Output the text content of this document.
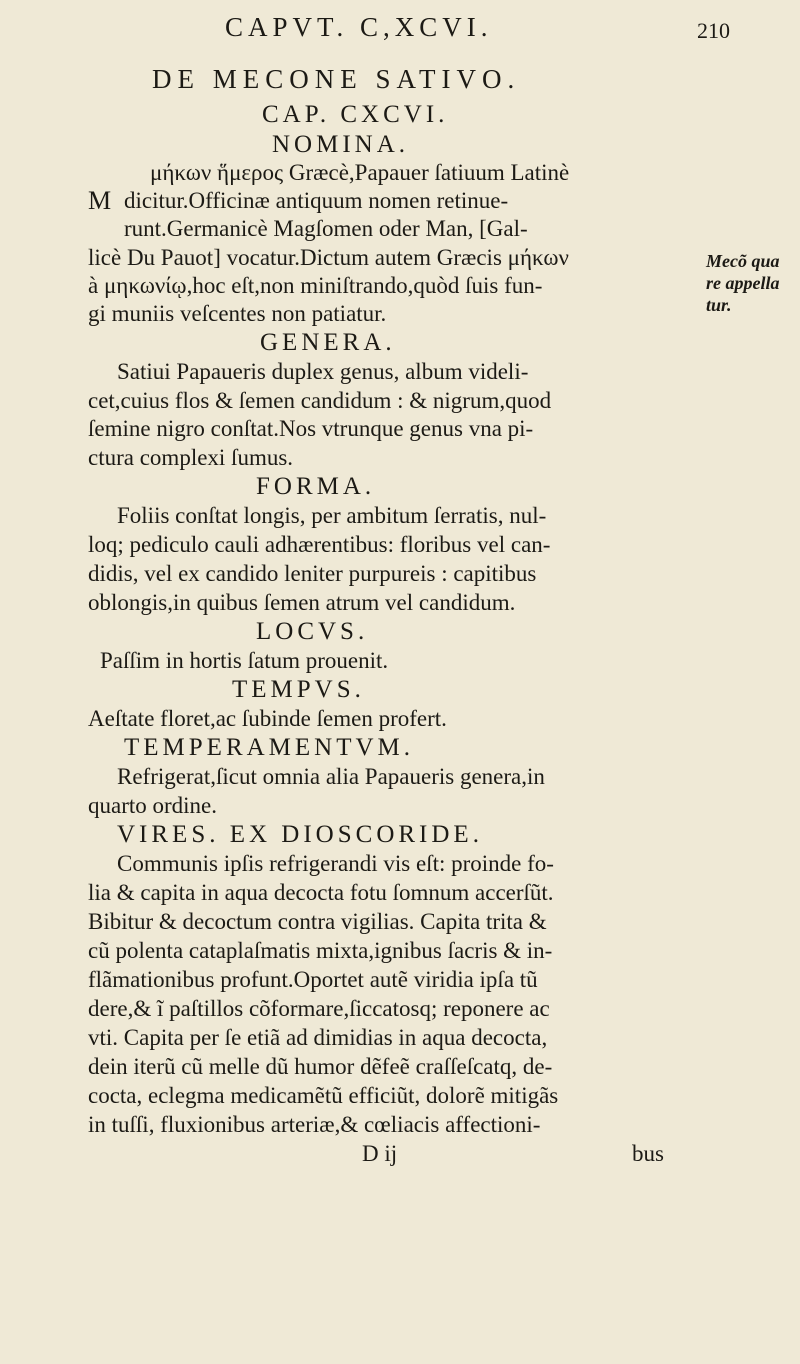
CAPVT. C,XCVI.	210
DE MECONE SATIVO.
CAP. CXCVI.
NOMINA.
M
μήκων ἥμερος Græcè,Papauer ſatiuum Latinè
dicitur.Officinæ antiquum nomen retinue-
runt.Germanicè Magſomen oder Man, [Gal-
licè Du Pauot] vocatur.Dictum autem Græcis μήκων
à μηκωνίῳ,hoc eſt,non miniſtrando,quòd ſuis fun-
gi muniis veſcentes non patiatur.
Mecõ qua
re appella
tur.
GENERA.
Satiui Papaueris duplex genus, album videli-
cet,cuius flos & ſemen candidum : & nigrum,quod
ſemine nigro conſtat.Nos vtrunque genus vna pi-
ctura complexi ſumus.
FORMA.
Foliis conſtat longis, per ambitum ſerratis, nul-
loq; pediculo cauli adhærentibus: floribus vel can-
didis, vel ex candido leniter purpureis : capitibus
oblongis,in quibus ſemen atrum vel candidum.
LOCVS.
Paſſim in hortis ſatum prouenit.
TEMPVS.
Aeſtate floret,ac ſubinde ſemen profert.
TEMPERAMENTVM.
Refrigerat,ſicut omnia alia Papaueris genera,in
quarto ordine.
VIRES. EX DIOSCORIDE.
Communis ipſis refrigerandi vis eſt: proinde fo-
lia & capita in aqua decocta fotu ſomnum accerſũt.
Bibitur & decoctum contra vigilias. Capita trita &
cũ polenta cataplaſmatis mixta,ignibus ſacris & in-
flãmationibus profunt.Oportet autẽ viridia ipſa tũ
dere,& ĩ paſtillos cõformare,ſiccatosq; reponere ac
vti. Capita per ſe etiã ad dimidias in aqua decocta,
dein iterũ cũ melle dũ humor dẽfeẽ craſſeſcatq, de-
cocta, eclegma medicamẽtũ efficiũt, dolorẽ mitigãs
in tuſſi, fluxionibus arteriæ,& cœliacis affectioni-
D ij	bus
